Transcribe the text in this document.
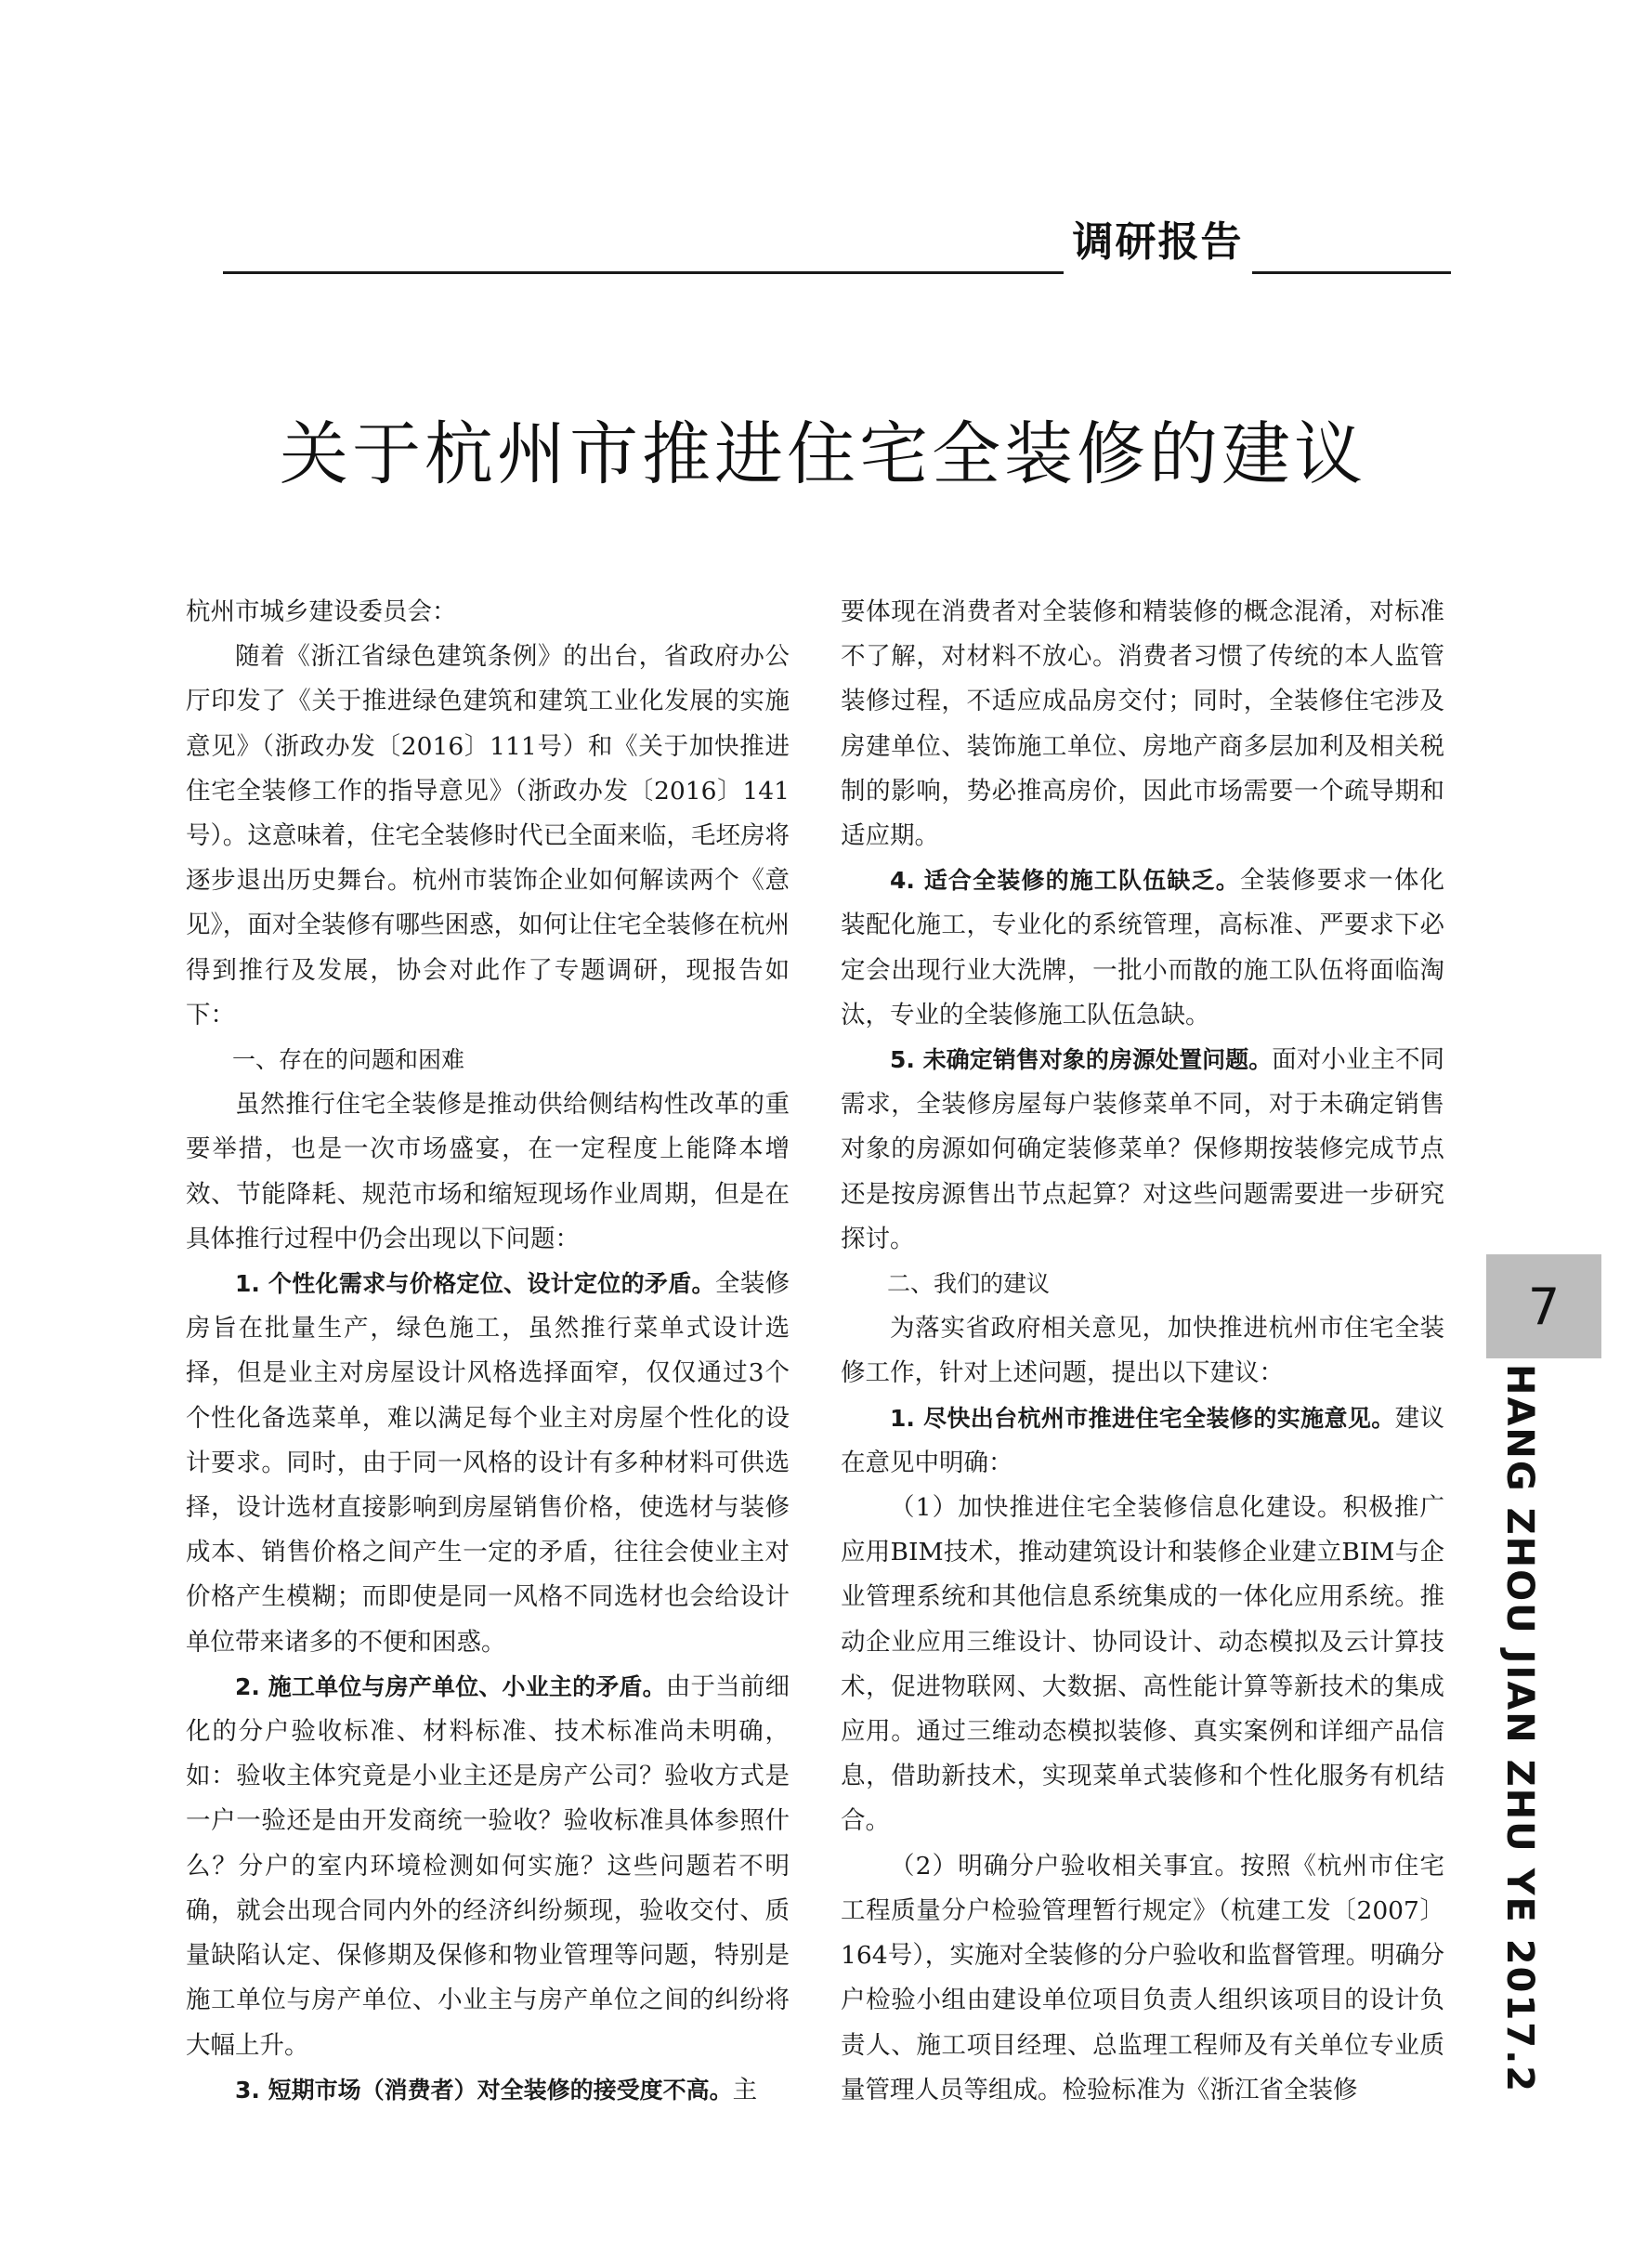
调研报告
关于杭州市推进住宅全装修的建议

杭州市城乡建设委员会：

随着《浙江省绿色建筑条例》的出台，省政府办公厅印发了《关于推进绿色建筑和建筑工业化发展的实施意见》（浙政办发〔2016〕111号）和《关于加快推进住宅全装修工作的指导意见》（浙政办发〔2016〕141号）。这意味着，住宅全装修时代已全面来临，毛坯房将逐步退出历史舞台。杭州市装饰企业如何解读两个《意见》，面对全装修有哪些困惑，如何让住宅全装修在杭州得到推行及发展，协会对此作了专题调研，现报告如下：

一、存在的问题和困难

虽然推行住宅全装修是推动供给侧结构性改革的重要举措，也是一次市场盛宴，在一定程度上能降本增效、节能降耗、规范市场和缩短现场作业周期，但是在具体推行过程中仍会出现以下问题：

1. 个性化需求与价格定位、设计定位的矛盾。全装修房旨在批量生产，绿色施工，虽然推行菜单式设计选择，但是业主对房屋设计风格选择面窄，仅仅通过3个个性化备选菜单，难以满足每个业主对房屋个性化的设计要求。同时，由于同一风格的设计有多种材料可供选择，设计选材直接影响到房屋销售价格，使选材与装修成本、销售价格之间产生一定的矛盾，往往会使业主对价格产生模糊；而即使是同一风格不同选材也会给设计单位带来诸多的不便和困惑。

2. 施工单位与房产单位、小业主的矛盾。由于当前细化的分户验收标准、材料标准、技术标准尚未明确，如：验收主体究竟是小业主还是房产公司？验收方式是一户一验还是由开发商统一验收？验收标准具体参照什么？分户的室内环境检测如何实施？这些问题若不明确，就会出现合同内外的经济纠纷频现，验收交付、质量缺陷认定、保修期及保修和物业管理等问题，特别是施工单位与房产单位、小业主与房产单位之间的纠纷将大幅上升。

3. 短期市场（消费者）对全装修的接受度不高。主

要体现在消费者对全装修和精装修的概念混淆，对标准不了解，对材料不放心。消费者习惯了传统的本人监管装修过程，不适应成品房交付；同时，全装修住宅涉及房建单位、装饰施工单位、房地产商多层加利及相关税制的影响，势必推高房价，因此市场需要一个疏导期和适应期。

4. 适合全装修的施工队伍缺乏。全装修要求一体化装配化施工，专业化的系统管理，高标准、严要求下必定会出现行业大洗牌，一批小而散的施工队伍将面临淘汰，专业的全装修施工队伍急缺。

5. 未确定销售对象的房源处置问题。面对小业主不同需求，全装修房屋每户装修菜单不同，对于未确定销售对象的房源如何确定装修菜单？保修期按装修完成节点还是按房源售出节点起算？对这些问题需要进一步研究探讨。

二、我们的建议

为落实省政府相关意见，加快推进杭州市住宅全装修工作，针对上述问题，提出以下建议：

1. 尽快出台杭州市推进住宅全装修的实施意见。建议在意见中明确：

（1）加快推进住宅全装修信息化建设。积极推广应用BIM技术，推动建筑设计和装修企业建立BIM与企业管理系统和其他信息系统集成的一体化应用系统。推动企业应用三维设计、协同设计、动态模拟及云计算技术，促进物联网、大数据、高性能计算等新技术的集成应用。通过三维动态模拟装修、真实案例和详细产品信息，借助新技术，实现菜单式装修和个性化服务有机结合。

（2）明确分户验收相关事宜。按照《杭州市住宅工程质量分户检验管理暂行规定》（杭建工发〔2007〕164号），实施对全装修的分户验收和监督管理。明确分户检验小组由建设单位项目负责人组织该项目的设计负责人、施工项目经理、总监理工程师及有关单位专业质量管理人员等组成。检验标准为《浙江省全装修

7
HANG ZHOU JIAN ZHU YE 2017.2
